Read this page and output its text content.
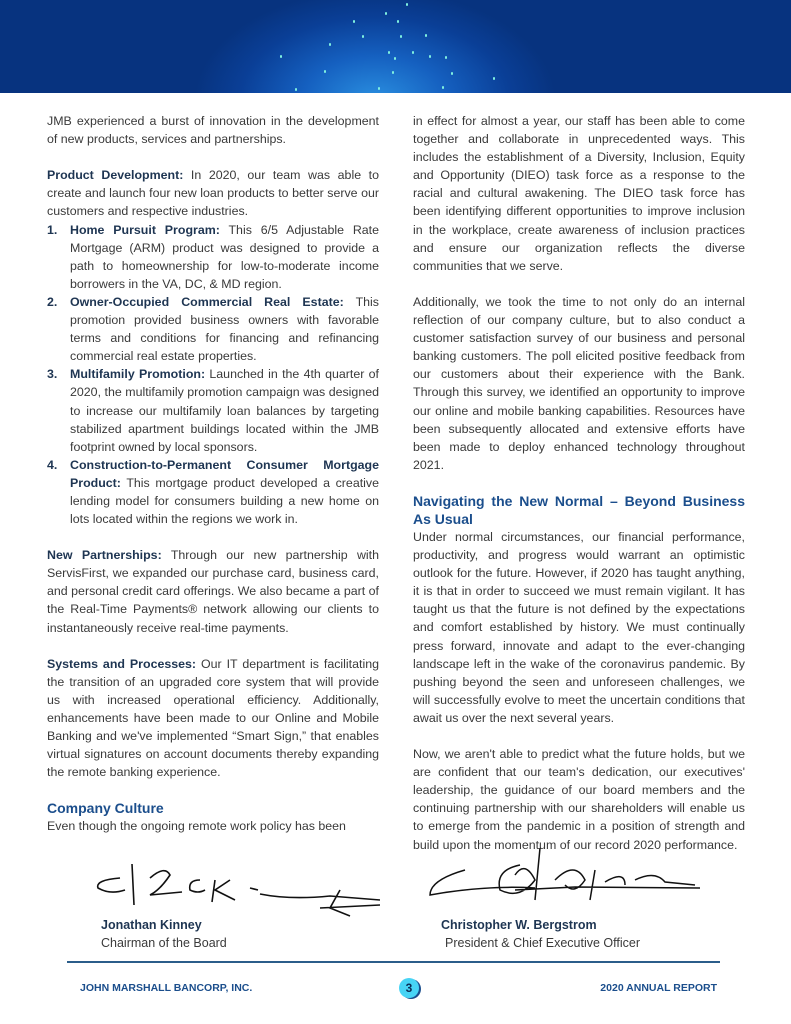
JMB experienced a burst of innovation in the development of new products, services and partnerships.

Product Development: In 2020, our team was able to create and launch four new loan products to better serve our customers and respective industries.
1. Home Pursuit Program: This 6/5 Adjustable Rate Mortgage (ARM) product was designed to provide a path to homeownership for low-to-moderate income borrowers in the VA, DC, & MD region.
2. Owner-Occupied Commercial Real Estate: This promotion provided business owners with favorable terms and conditions for financing and refinancing commercial real estate properties.
3. Multifamily Promotion: Launched in the 4th quarter of 2020, the multifamily promotion campaign was designed to increase our multifamily loan balances by targeting stabilized apartment buildings located within the JMB footprint owned by local sponsors.
4. Construction-to-Permanent Consumer Mortgage Product: This mortgage product developed a creative lending model for consumers building a new home on lots located within the regions we work in.

New Partnerships: Through our new partnership with ServisFirst, we expanded our purchase card, business card, and personal credit card offerings. We also became a part of the Real-Time Payments® network allowing our clients to instantaneously receive real-time payments.

Systems and Processes: Our IT department is facilitating the transition of an upgraded core system that will provide us with increased operational efficiency. Additionally, enhancements have been made to our Online and Mobile Banking and we've implemented “Smart Sign,” that enables virtual signatures on account documents thereby expanding the remote banking experience.

Company Culture
Even though the ongoing remote work policy has been

in effect for almost a year, our staff has been able to come together and collaborate in unprecedented ways. This includes the establishment of a Diversity, Inclusion, Equity and Opportunity (DIEO) task force as a response to the racial and cultural awakening. The DIEO task force has been identifying different opportunities to improve inclusion in the workplace, create awareness of inclusion practices and ensure our organization reflects the diverse communities that we serve.

Additionally, we took the time to not only do an internal reflection of our company culture, but to also conduct a customer satisfaction survey of our business and personal banking customers. The poll elicited positive feedback from our customers about their experience with the Bank. Through this survey, we identified an opportunity to improve our online and mobile banking capabilities. Resources have been subsequently allocated and extensive efforts have been made to deploy enhanced technology throughout 2021.

Navigating the New Normal – Beyond Business As Usual

Under normal circumstances, our financial performance, productivity, and progress would warrant an optimistic outlook for the future. However, if 2020 has taught anything, it is that in order to succeed we must remain vigilant. It has taught us that the future is not defined by the expectations and comfort established by history. We must continually press forward, innovate and adapt to the ever-changing landscape left in the wake of the coronavirus pandemic. By pushing beyond the seen and unforeseen challenges, we will successfully evolve to meet the uncertain conditions that await us over the next several years.

Now, we aren't able to predict what the future holds, but we are confident that our team's dedication, our executives' leadership, the guidance of our board members and the continuing partnership with our shareholders will enable us to emerge from the pandemic in a position of strength and build upon the momentum of our record 2020 performance.

Jonathan Kinney
Chairman of the Board
Christopher W. Bergstrom
President & Chief Executive Officer
JOHN MARSHALL BANCORP, INC.	3	2020 ANNUAL REPORT
